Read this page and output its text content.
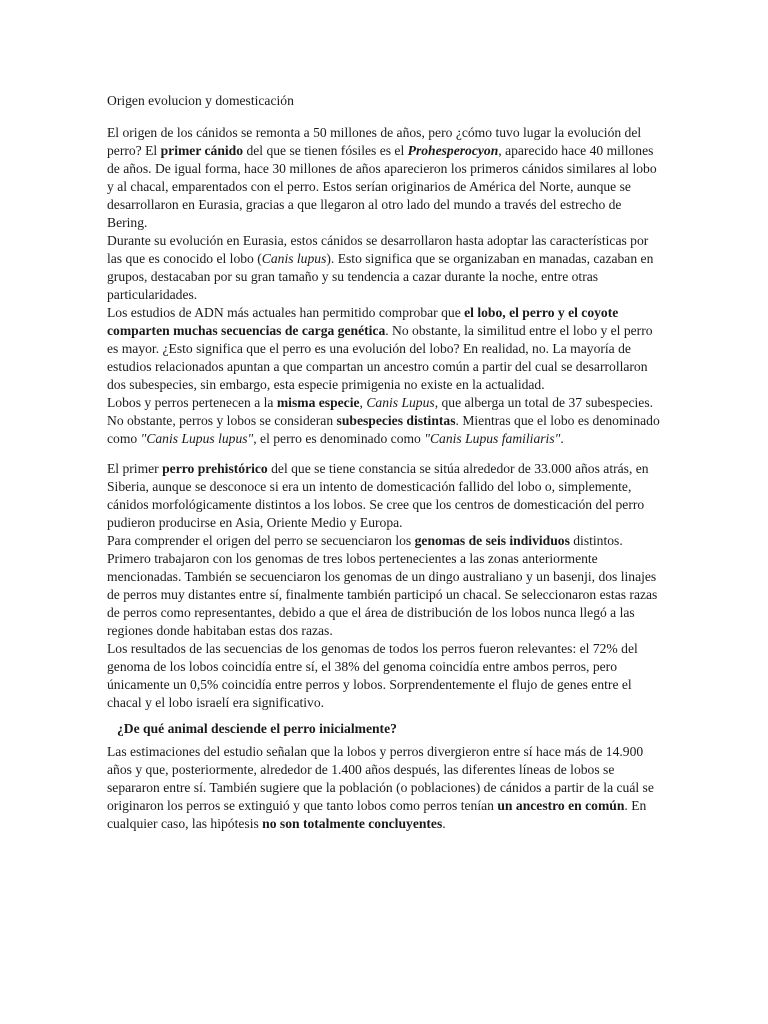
Origen evolucion y domesticación

El origen de los cánidos se remonta a 50 millones de años, pero ¿cómo tuvo lugar la evolución del perro? El primer cánido del que se tienen fósiles es el Prohesperocyon, aparecido hace 40 millones de años. De igual forma, hace 30 millones de años aparecieron los primeros cánidos similares al lobo y al chacal, emparentados con el perro. Estos serían originarios de América del Norte, aunque se desarrollaron en Eurasia, gracias a que llegaron al otro lado del mundo a través del estrecho de Bering.

Durante su evolución en Eurasia, estos cánidos se desarrollaron hasta adoptar las características por las que es conocido el lobo (Canis lupus). Esto significa que se organizaban en manadas, cazaban en grupos, destacaban por su gran tamaño y su tendencia a cazar durante la noche, entre otras particularidades.

Los estudios de ADN más actuales han permitido comprobar que el lobo, el perro y el coyote comparten muchas secuencias de carga genética. No obstante, la similitud entre el lobo y el perro es mayor. ¿Esto significa que el perro es una evolución del lobo? En realidad, no. La mayoría de estudios relacionados apuntan a que compartan un ancestro común a partir del cual se desarrollaron dos subespecies, sin embargo, esta especie primigenia no existe en la actualidad.

Lobos y perros pertenecen a la misma especie, Canis Lupus, que alberga un total de 37 subespecies. No obstante, perros y lobos se consideran subespecies distintas. Mientras que el lobo es denominado como "Canis Lupus lupus", el perro es denominado como "Canis Lupus familiaris".

El primer perro prehistórico del que se tiene constancia se sitúa alrededor de 33.000 años atrás, en Siberia, aunque se desconoce si era un intento de domesticación fallido del lobo o, simplemente, cánidos morfológicamente distintos a los lobos. Se cree que los centros de domesticación del perro pudieron producirse en Asia, Oriente Medio y Europa.

Para comprender el origen del perro se secuenciaron los genomas de seis individuos distintos. Primero trabajaron con los genomas de tres lobos pertenecientes a las zonas anteriormente mencionadas. También se secuenciaron los genomas de un dingo australiano y un basenji, dos linajes de perros muy distantes entre sí, finalmente también participó un chacal. Se seleccionaron estas razas de perros como representantes, debido a que el área de distribución de los lobos nunca llegó a las regiones donde habitaban estas dos razas.

Los resultados de las secuencias de los genomas de todos los perros fueron relevantes: el 72% del genoma de los lobos coincidía entre sí, el 38% del genoma coincidía entre ambos perros, pero únicamente un 0,5% coincidía entre perros y lobos. Sorprendentemente el flujo de genes entre el chacal y el lobo israelí era significativo.

¿De qué animal desciende el perro inicialmente?

Las estimaciones del estudio señalan que la lobos y perros divergieron entre sí hace más de 14.900 años y que, posteriormente, alrededor de 1.400 años después, las diferentes líneas de lobos se separaron entre sí. También sugiere que la población (o poblaciones) de cánidos a partir de la cuál se originaron los perros se extinguió y que tanto lobos como perros tenían un ancestro en común. En cualquier caso, las hipótesis no son totalmente concluyentes.
